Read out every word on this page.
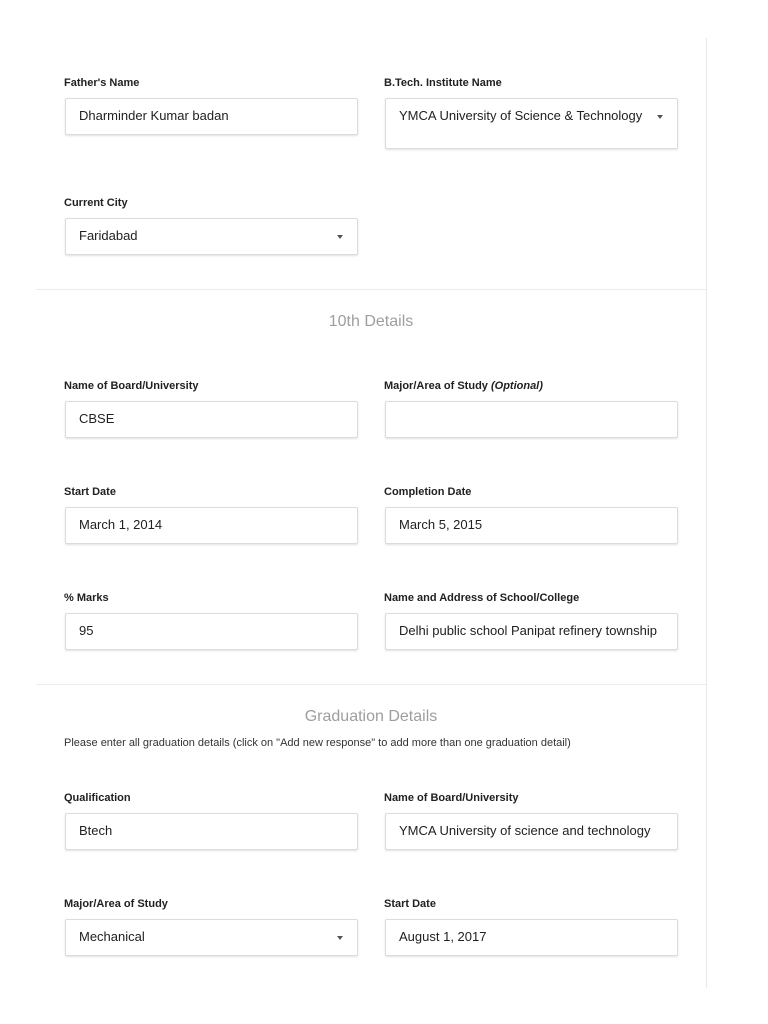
Father's Name
Dharminder Kumar badan
B.Tech. Institute Name
YMCA University of Science & Technology
Current City
Faridabad
10th Details
Name of Board/University
CBSE
Major/Area of Study (Optional)
Start Date
March 1, 2014
Completion Date
March 5, 2015
% Marks
95
Name and Address of School/College
Delhi public school Panipat refinery township
Graduation Details
Please enter all graduation details (click on "Add new response" to add more than one graduation detail)
Qualification
Btech
Name of Board/University
YMCA University of science and technology
Major/Area of Study
Mechanical
Start Date
August 1, 2017
